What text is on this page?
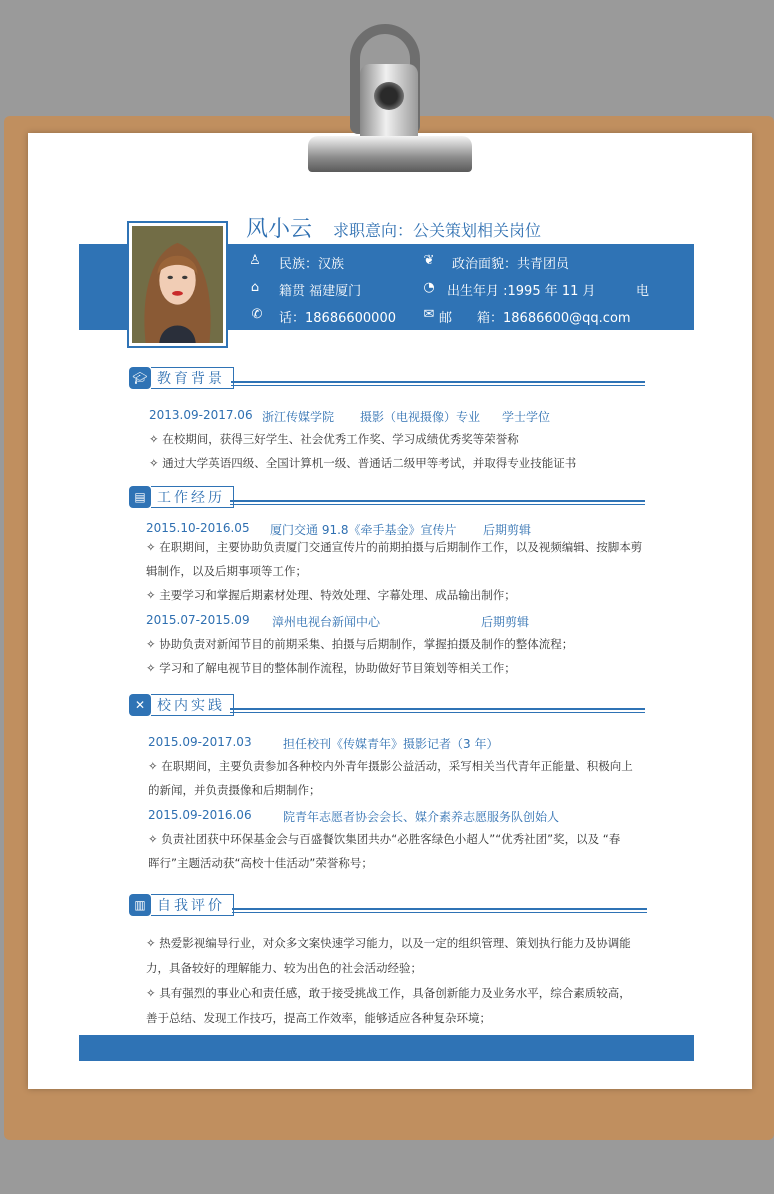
风小云 求职意向：公关策划相关岗位
♙ 民族：汉族	❦ 政治面貌：共青团员
⌂ 籍贯 福建厦门	◔ 出生年月 :1995 年 11 月	电
✆ 话：18686600000 ✉ 邮 箱：18686600@qq.com
🎓︎ 教育背景
2013.09-2017.06 浙江传媒学院 摄影（电视摄像）专业 学士学位
✧ 在校期间，获得三好学生、社会优秀工作奖、学习成绩优秀奖等荣誉称
✧ 通过大学英语四级、全国计算机一级、普通话二级甲等考试，并取得专业技能证书
▤ 工作经历
2015.10-2016.05 厦门交通 91.8《牵手基金》宣传片 后期剪辑
✧ 在职期间，主要协助负责厦门交通宣传片的前期拍摄与后期制作工作，以及视频编辑、按脚本剪
辑制作，以及后期事项等工作；
✧ 主要学习和掌握后期素材处理、特效处理、字幕处理、成品输出制作；
2015.07-2015.09 漳州电视台新闻中心	后期剪辑
✧ 协助负责对新闻节目的前期采集、拍摄与后期制作，掌握拍摄及制作的整体流程；
✧ 学习和了解电视节目的整体制作流程，协助做好节目策划等相关工作；
✕ 校内实践
2015.09-2017.03	担任校刊《传媒青年》摄影记者（3 年）
✧ 在职期间，主要负责参加各种校内外青年摄影公益活动，采写相关当代青年正能量、积极向上
的新闻，并负责摄像和后期制作；
2015.09-2016.06	院青年志愿者协会会长、媒介素养志愿服务队创始人
✧ 负责社团获中环保基金会与百盛餐饮集团共办“必胜客绿色小超人”“优秀社团”奖，以及 “春
晖行”主题活动获“高校十佳活动”荣誉称号；
▥ 自我评价
✧ 热爱影视编导行业，对众多文案快速学习能力，以及一定的组织管理、策划执行能力及协调能
力，具备较好的理解能力、较为出色的社会活动经验；
✧ 具有强烈的事业心和责任感，敢于接受挑战工作，具备创新能力及业务水平，综合素质较高，
善于总结、发现工作技巧，提高工作效率，能够适应各种复杂环境；
